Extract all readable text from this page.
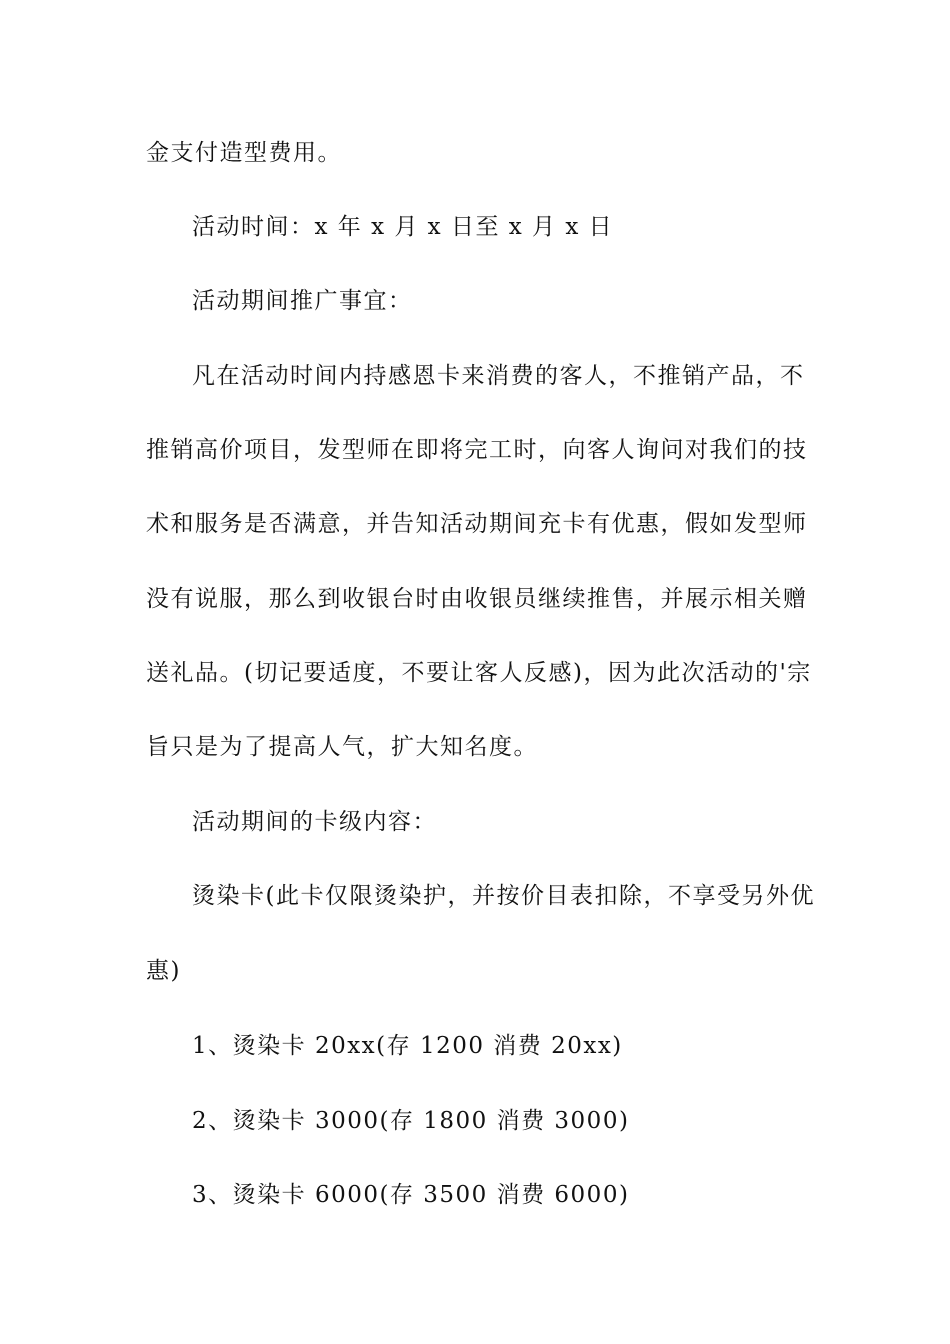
金支付造型费用。
活动时间：x 年 x 月 x 日至 x 月 x 日
活动期间推广事宜：
凡在活动时间内持感恩卡来消费的客人，不推销产品，不
推销高价项目，发型师在即将完工时，向客人询问对我们的技
术和服务是否满意，并告知活动期间充卡有优惠，假如发型师
没有说服，那么到收银台时由收银员继续推售，并展示相关赠
送礼品。(切记要适度，不要让客人反感)，因为此次活动的'宗
旨只是为了提高人气，扩大知名度。
活动期间的卡级内容：
烫染卡(此卡仅限烫染护，并按价目表扣除，不享受另外优
惠)
1、烫染卡 20xx(存 1200 消费 20xx)
2、烫染卡 3000(存 1800 消费 3000)
3、烫染卡 6000(存 3500 消费 6000)
